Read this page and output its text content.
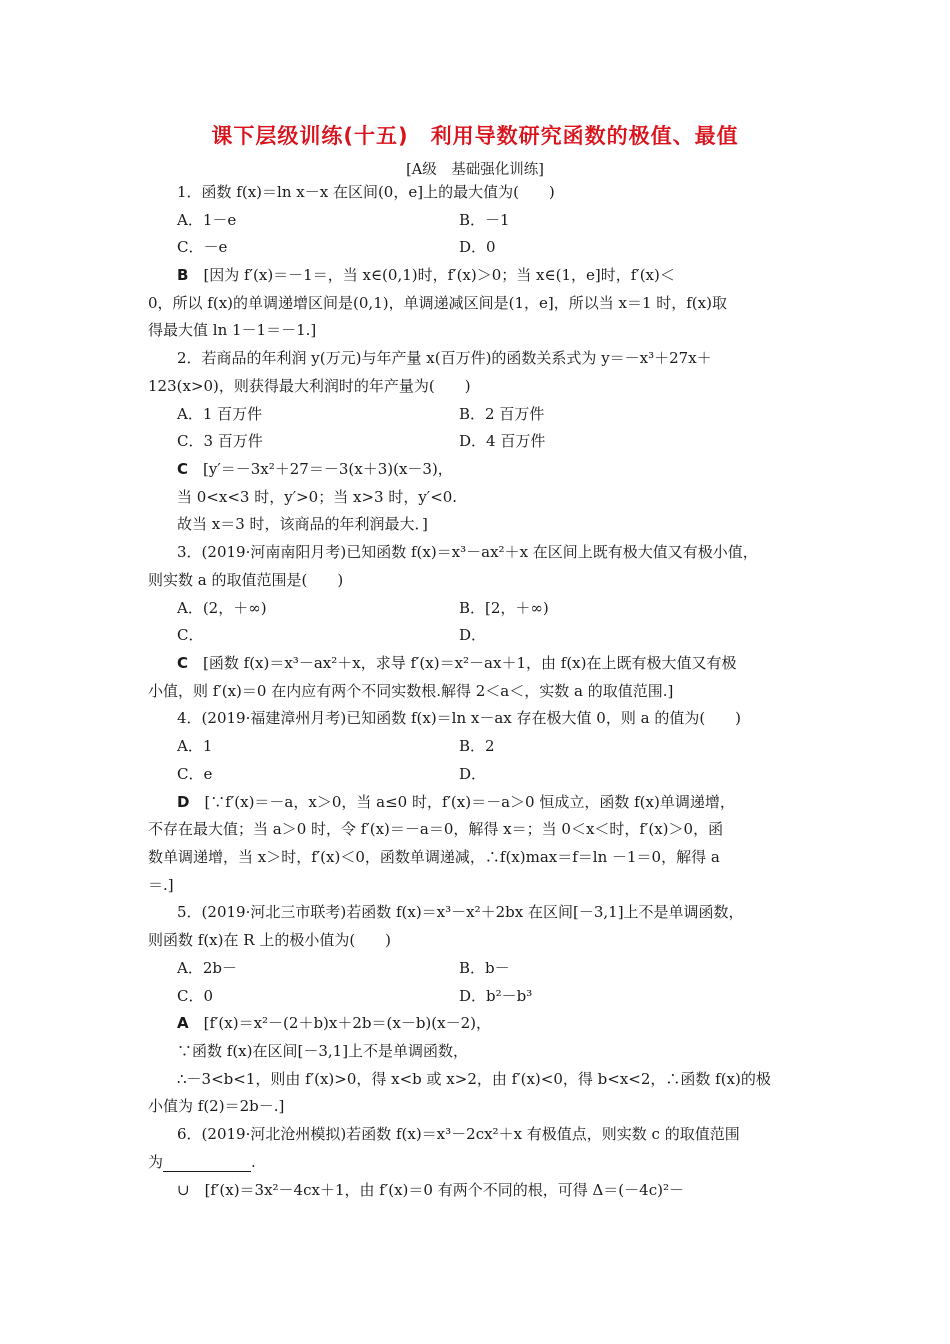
课下层级训练(十五)　利用导数研究函数的极值、最值
[A级　基础强化训练]
1．函数 f(x)＝ln x－x 在区间(0，e]上的最大值为(　　)
A．1－e	B．－1
C．－e	D．0
B　[因为 f′(x)＝－1＝，当 x∈(0,1)时，f′(x)＞0；当 x∈(1，e]时，f′(x)＜
0，所以 f(x)的单调递增区间是(0,1)，单调递减区间是(1，e]，所以当 x＝1 时，f(x)取
得最大值 ln 1－1＝－1.]
2．若商品的年利润 y(万元)与年产量 x(百万件)的函数关系式为 y＝－x³＋27x＋
123(x>0)，则获得最大利润时的年产量为(　　)
A．1 百万件	B．2 百万件
C．3 百万件	D．4 百万件
C　[y′＝－3x²＋27＝－3(x＋3)(x－3)，
当 0<x<3 时，y′>0；当 x>3 时，y′<0.
故当 x＝3 时，该商品的年利润最大．]
3．(2019·河南南阳月考)已知函数 f(x)＝x³－ax²＋x 在区间上既有极大值又有极小值，
则实数 a 的取值范围是(　　)
A．(2，＋∞)	B．[2，＋∞)
C．	D．
C　[函数 f(x)＝x³－ax²＋x，求导 f′(x)＝x²－ax＋1，由 f(x)在上既有极大值又有极
小值，则 f′(x)＝0 在内应有两个不同实数根.解得 2＜a＜，实数 a 的取值范围.]
4．(2019·福建漳州月考)已知函数 f(x)＝ln x－ax 存在极大值 0，则 a 的值为(　　)
A．1	B．2
C．e	D．
D　[∵f′(x)＝－a，x＞0，当 a≤0 时，f′(x)＝－a＞0 恒成立，函数 f(x)单调递增，
不存在最大值；当 a＞0 时，令 f′(x)＝－a＝0，解得 x＝；当 0＜x＜时，f′(x)＞0，函
数单调递增，当 x＞时，f′(x)＜0，函数单调递减，∴f(x)max＝f＝ln －1＝0，解得 a
＝.]
5．(2019·河北三市联考)若函数 f(x)＝x³－x²＋2bx 在区间[－3,1]上不是单调函数，
则函数 f(x)在 R 上的极小值为(　　)
A．2b－	B．b－
C．0	D．b²－b³
A　[f′(x)＝x²－(2＋b)x＋2b＝(x－b)(x－2)，
∵函数 f(x)在区间[－3,1]上不是单调函数，
∴－3<b<1，则由 f′(x)>0，得 x<b 或 x>2，由 f′(x)<0，得 b<x<2，∴函数 f(x)的极
小值为 f(2)＝2b－.]
6．(2019·河北沧州模拟)若函数 f(x)＝x³－2cx²＋x 有极值点，则实数 c 的取值范围
为	.
∪　[f′(x)＝3x²－4cx＋1，由 f′(x)＝0 有两个不同的根，可得 Δ＝(－4c)²－
